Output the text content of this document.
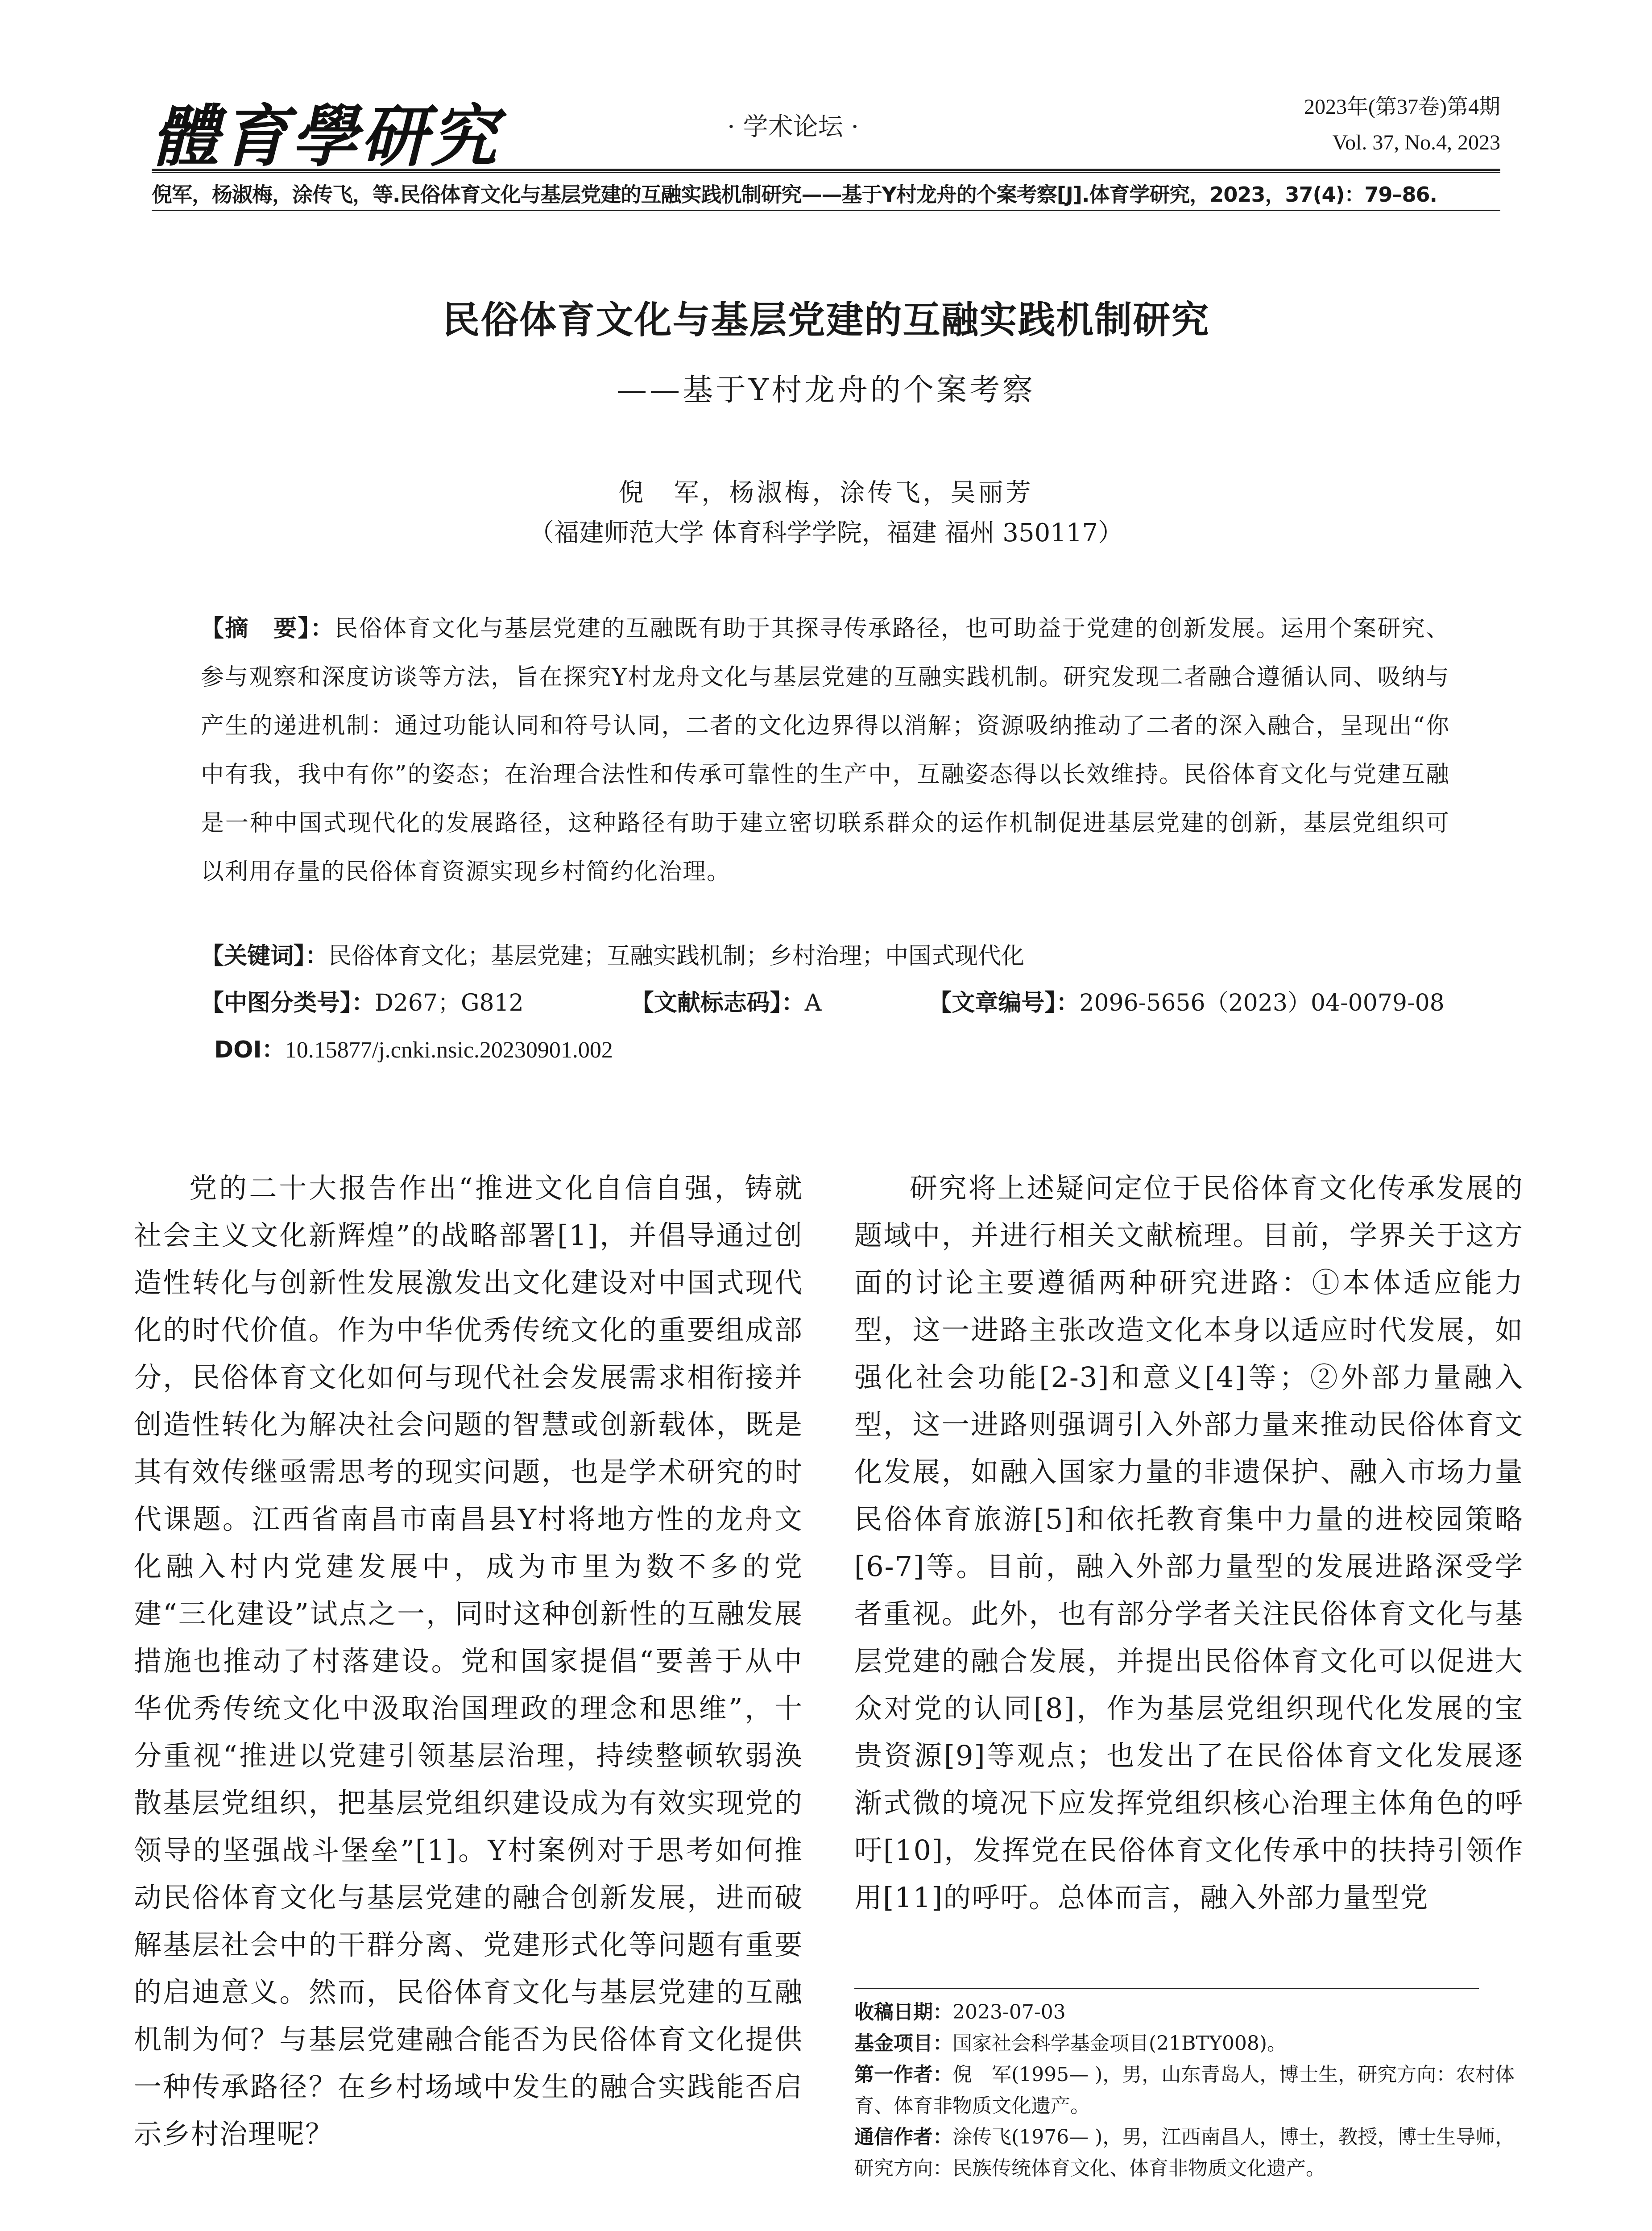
體育學研究	· 学术论坛 ·
2023年(第37卷)第4期
Vol. 37, No.4, 2023
倪军，杨淑梅，涂传飞，等.民俗体育文化与基层党建的互融实践机制研究——基于Y村龙舟的个案考察[J].体育学研究，2023，37(4)：79–86.
民俗体育文化与基层党建的互融实践机制研究
——基于Y村龙舟的个案考察
倪　军，杨淑梅，涂传飞，吴丽芳
（福建师范大学 体育科学学院，福建 福州 350117）
【摘　要】：民俗体育文化与基层党建的互融既有助于其探寻传承路径，也可助益于党建的创新发展。运用个案研究、参与观察和深度访谈等方法，旨在探究Y村龙舟文化与基层党建的互融实践机制。研究发现二者融合遵循认同、吸纳与产生的递进机制：通过功能认同和符号认同，二者的文化边界得以消解；资源吸纳推动了二者的深入融合，呈现出“你中有我，我中有你”的姿态；在治理合法性和传承可靠性的生产中，互融姿态得以长效维持。民俗体育文化与党建互融是一种中国式现代化的发展路径，这种路径有助于建立密切联系群众的运作机制促进基层党建的创新，基层党组织可以利用存量的民俗体育资源实现乡村简约化治理。
【关键词】：民俗体育文化；基层党建；互融实践机制；乡村治理；中国式现代化
【中图分类号】：D267；G812	【文献标志码】：A	【文章编号】：2096-5656（2023）04-0079-08
DOI：10.15877/j.cnki.nsic.20230901.002

党的二十大报告作出“推进文化自信自强，铸就社会主义文化新辉煌”的战略部署[1]，并倡导通过创造性转化与创新性发展激发出文化建设对中国式现代化的时代价值。作为中华优秀传统文化的重要组成部分，民俗体育文化如何与现代社会发展需求相衔接并创造性转化为解决社会问题的智慧或创新载体，既是其有效传继亟需思考的现实问题，也是学术研究的时代课题。江西省南昌市南昌县Y村将地方性的龙舟文化融入村内党建发展中，成为市里为数不多的党建“三化建设”试点之一，同时这种创新性的互融发展措施也推动了村落建设。党和国家提倡“要善于从中华优秀传统文化中汲取治国理政的理念和思维”，十分重视“推进以党建引领基层治理，持续整顿软弱涣散基层党组织，把基层党组织建设成为有效实现党的领导的坚强战斗堡垒”[1]。Y村案例对于思考如何推动民俗体育文化与基层党建的融合创新发展，进而破解基层社会中的干群分离、党建形式化等问题有重要的启迪意义。然而，民俗体育文化与基层党建的互融机制为何？与基层党建融合能否为民俗体育文化提供一种传承路径？在乡村场域中发生的融合实践能否启示乡村治理呢？

研究将上述疑问定位于民俗体育文化传承发展的题域中，并进行相关文献梳理。目前，学界关于这方面的讨论主要遵循两种研究进路：①本体适应能力型，这一进路主张改造文化本身以适应时代发展，如强化社会功能[2-3]和意义[4]等；②外部力量融入型，这一进路则强调引入外部力量来推动民俗体育文化发展，如融入国家力量的非遗保护、融入市场力量民俗体育旅游[5]和依托教育集中力量的进校园策略[6-7]等。目前，融入外部力量型的发展进路深受学者重视。此外，也有部分学者关注民俗体育文化与基层党建的融合发展，并提出民俗体育文化可以促进大众对党的认同[8]，作为基层党组织现代化发展的宝贵资源[9]等观点；也发出了在民俗体育文化发展逐渐式微的境况下应发挥党组织核心治理主体角色的呼吁[10]，发挥党在民俗体育文化传承中的扶持引领作用[11]的呼吁。总体而言，融入外部力量型党

收稿日期：2023-07-03
基金项目：国家社会科学基金项目(21BTY008)。
第一作者：倪　军(1995— )，男，山东青岛人，博士生，研究方向：农村体育、体育非物质文化遗产。
通信作者：涂传飞(1976— )，男，江西南昌人，博士，教授，博士生导师，研究方向：民族传统体育文化、体育非物质文化遗产。
